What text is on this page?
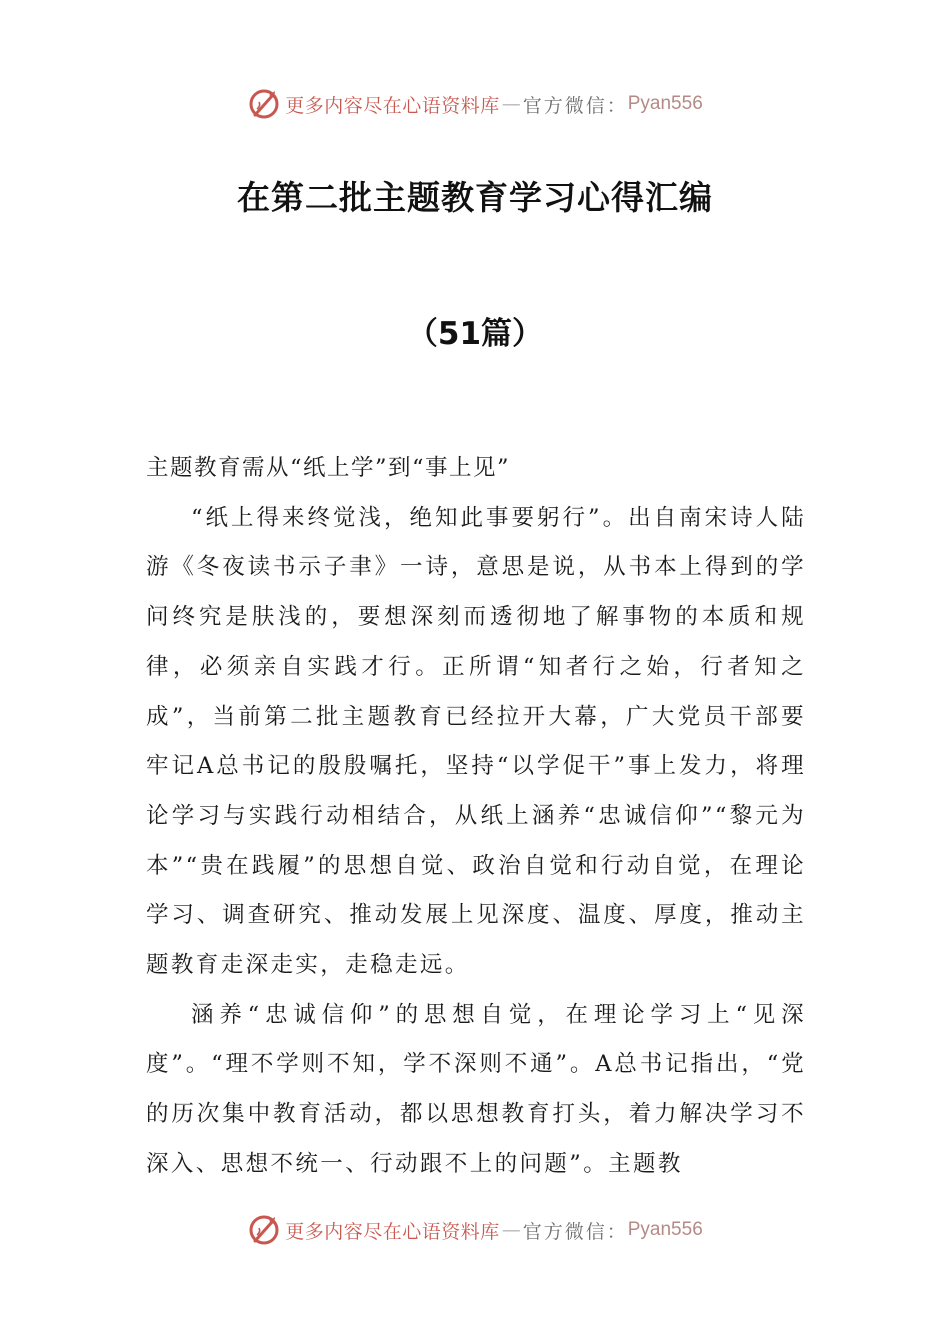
更多内容尽在心语资料库 — 官方微信： Pyan556
在第二批主题教育学习心得汇编
（51篇）

主题教育需从“纸上学”到“事上见”

“纸上得来终觉浅，绝知此事要躬行”。出自南宋诗人陆游《冬夜读书示子聿》一诗，意思是说，从书本上得到的学问终究是肤浅的，要想深刻而透彻地了解事物的本质和规律，必须亲自实践才行。正所谓“知者行之始，行者知之成”，当前第二批主题教育已经拉开大幕，广大党员干部要牢记A总书记的殷殷嘱托，坚持“以学促干”事上发力，将理论学习与实践行动相结合，从纸上涵养“忠诚信仰”“黎元为本”“贵在践履”的思想自觉、政治自觉和行动自觉，在理论学习、调查研究、推动发展上见深度、温度、厚度，推动主题教育走深走实，走稳走远。

涵养“忠诚信仰”的思想自觉，在理论学习上“见深度”。“理不学则不知，学不深则不通”。A总书记指出，“党的历次集中教育活动，都以思想教育打头，着力解决学习不深入、思想不统一、行动跟不上的问题”。主题教

更多内容尽在心语资料库 — 官方微信： Pyan556
